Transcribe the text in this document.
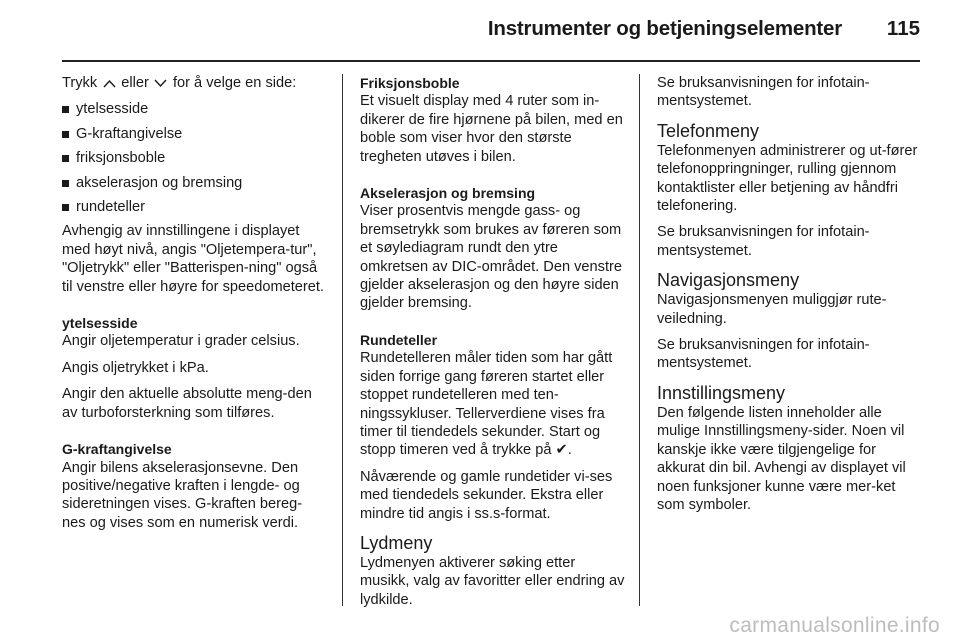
Instrumenter og betjeningselementer 115

Trykk eller for å velge en side:

ytelsesside
G-kraftangivelse
friksjonsboble
akselerasjon og bremsing
rundeteller

Avhengig av innstillingene i displayet med høyt nivå, angis "Oljetempera-tur", "Oljetrykk" eller "Batterispen-ning" også til venstre eller høyre for speedometeret.

ytelsesside

Angir oljetemperatur i grader celsius.

Angis oljetrykket i kPa.

Angir den aktuelle absolutte meng-den av turboforsterkning som tilføres.

G-kraftangivelse

Angir bilens akselerasjonsevne. Den positive/negative kraften i lengde- og sideretningen vises. G-kraften bereg-nes og vises som en numerisk verdi.

Friksjonsboble

Et visuelt display med 4 ruter som in-dikerer de fire hjørnene på bilen, med en boble som viser hvor den største tregheten utøves i bilen.

Akselerasjon og bremsing

Viser prosentvis mengde gass- og bremsetrykk som brukes av føreren som et søylediagram rundt den ytre omkretsen av DIC-området. Den venstre gjelder akselerasjon og den høyre siden gjelder bremsing.

Rundeteller

Rundetelleren måler tiden som har gått siden forrige gang føreren startet eller stoppet rundetelleren med ten-ningssykluser. Tellerverdiene vises fra timer til tiendedels sekunder. Start og stopp timeren ved å trykke på ✔.

Nåværende og gamle rundetider vi-ses med tiendedels sekunder. Ekstra eller mindre tid angis i ss.s-format.

Lydmeny

Lydmenyen aktiverer søking etter musikk, valg av favoritter eller endring av lydkilde.

Se bruksanvisningen for infotain-mentsystemet.

Telefonmeny

Telefonmenyen administrerer og ut-fører telefonoppringninger, rulling gjennom kontaktlister eller betjening av håndfri telefonering.

Se bruksanvisningen for infotain-mentsystemet.

Navigasjonsmeny

Navigasjonsmenyen muliggjør rute-veiledning.

Se bruksanvisningen for infotain-mentsystemet.

Innstillingsmeny

Den følgende listen inneholder alle mulige Innstillingsmeny-sider. Noen vil kanskje ikke være tilgjengelige for akkurat din bil. Avhengi av displayet vil noen funksjoner kunne være mer-ket som symboler.

carmanualsonline.info
